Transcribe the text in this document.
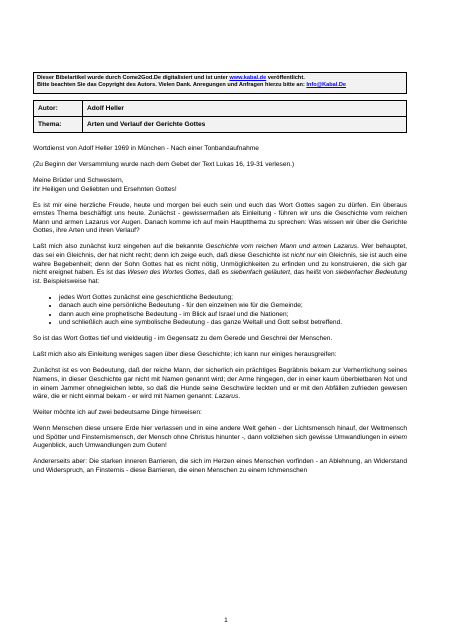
Dieser Bibelartikel wurde durch Come2God.De digitalisiert und ist unter www.kabal.de veröffentlicht.
Bitte beachten Sie das Copyright des Autors. Vielen Dank. Anregungen und Anfragen hierzu bitte an: Info@Kabal.De
Autor:	Adolf Heller
Thema:	Arten und Verlauf der Gerichte Gottes

Wortdienst von Adolf Heller 1969 in München - Nach einer Tonbandaufnahme

(Zu Beginn der Versammlung wurde nach dem Gebet der Text Lukas 16, 19-31 verlesen.)

Meine Brüder und Schwestern,
ihr Heiligen und Geliebten und Ersehnten Gottes!

Es ist mir eine herzliche Freude, heute und morgen bei euch sein und euch das Wort Gottes sagen zu dürfen. Ein überaus ernstes Thema beschäftigt uns heute. Zunächst - gewissermaßen als Einleitung - führen wir uns die Geschichte vom reichen Mann und armen Lazarus vor Augen. Danach komme ich auf mein Hauptthema zu sprechen: Was wissen wir über die Gerichte Gottes, ihre Arten und ihren Verlauf?

Laßt mich also zunächst kurz eingehen auf die bekannte Geschichte vom reichen Mann und armen Lazarus. Wer behauptet, das sei ein Gleichnis, der hat nicht recht; denn ich zeige euch, daß diese Geschichte ist nicht nur ein Gleichnis, sie ist auch eine wahre Begebenheit; denn der Sohn Gottes hat es nicht nötig, Unmöglichkeiten zu erfinden und zu konstruieren, die sich gar nicht ereignet haben. Es ist das Wesen des Wortes Gottes, daß es siebenfach geläutert, das heißt von siebenfacher Bedeutung ist. Beispielsweise hat:

• jedes Wort Gottes zunächst eine geschichtliche Bedeutung;
• danach auch eine persönliche Bedeutung - für den einzelnen wie für die Gemeinde;
• dann auch eine prophetische Bedeutung - im Blick auf Israel und die Nationen;
• und schließlich auch eine symbolische Bedeutung - das ganze Weltall und Gott selbst betreffend.

So ist das Wort Gottes tief und vieldeutig - im Gegensatz zu dem Gerede und Geschrei der Menschen.

Laßt mich also als Einleitung weniges sagen über diese Geschichte; ich kann nur einiges herausgreifen:

Zunächst ist es von Bedeutung, daß der reiche Mann, der sicherlich ein prächtiges Begräbnis bekam zur Verherrlichung seines Namens, in dieser Geschichte gar nicht mit Namen genannt wird; der Arme hingegen, der in einer kaum überbietbaren Not und in einem Jammer ohnegleichen lebte, so daß die Hunde seine Geschwüre leckten und er mit den Abfällen zufrieden gewesen wäre, die er nicht einmal bekam - er wird mit Namen genannt: Lazarus.

Weiter möchte ich auf zwei bedeutsame Dinge hinweisen:

Wenn Menschen diese unsere Erde hier verlassen und in eine andere Welt gehen - der Lichtsmensch hinauf, der Weltmensch und Spötter und Finsternismensch, der Mensch ohne Christus hinunter -, dann vollziehen sich gewisse Umwandlungen in einem Augenblick, auch Umwandlungen zum Guten!

Andererseits aber: Die starken inneren Barrieren, die sich im Herzen eines Menschen vorfinden - an Ablehnung, an Widerstand und Widerspruch, an Finsternis - diese Barrieren, die einen Menschen zu einem Ichmenschen

1
